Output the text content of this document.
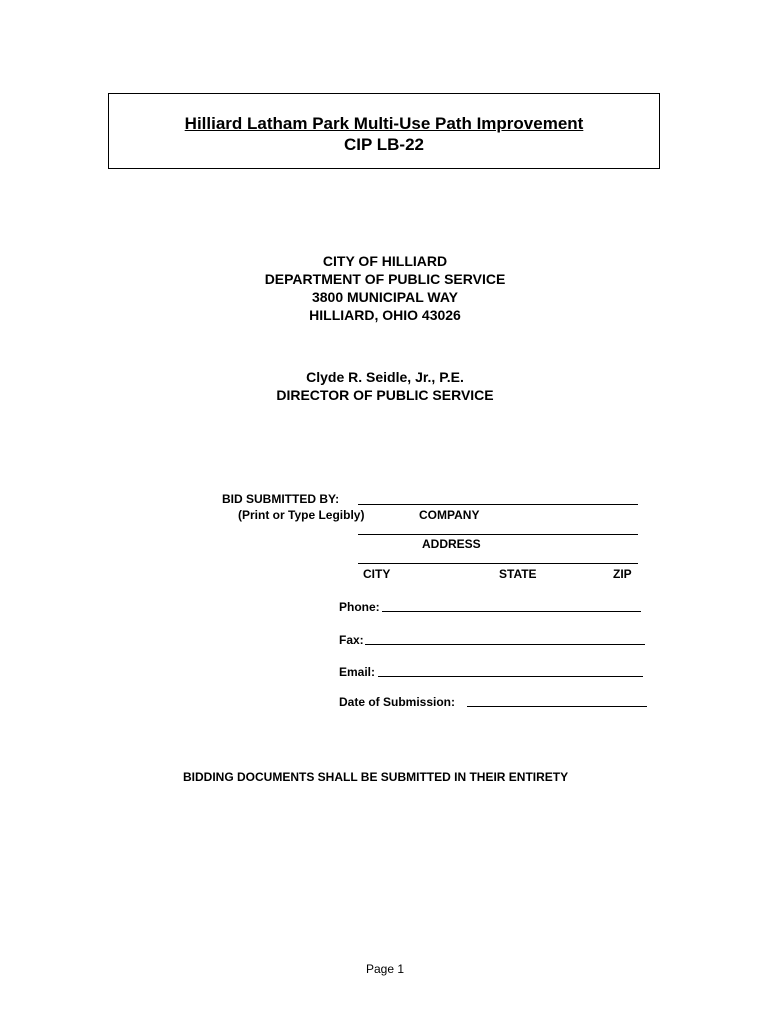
Hilliard Latham Park Multi-Use Path Improvement
CIP LB-22
CITY OF HILLIARD
DEPARTMENT OF PUBLIC SERVICE
3800 MUNICIPAL WAY
HILLIARD, OHIO 43026
Clyde R. Seidle, Jr., P.E.
DIRECTOR OF PUBLIC SERVICE
BID SUBMITTED BY:
(Print or Type Legibly)	COMPANY
ADDRESS
CITY	STATE	ZIP
Phone:
Fax:
Email:
Date of Submission:
BIDDING DOCUMENTS SHALL BE SUBMITTED IN THEIR ENTIRETY
Page 1
